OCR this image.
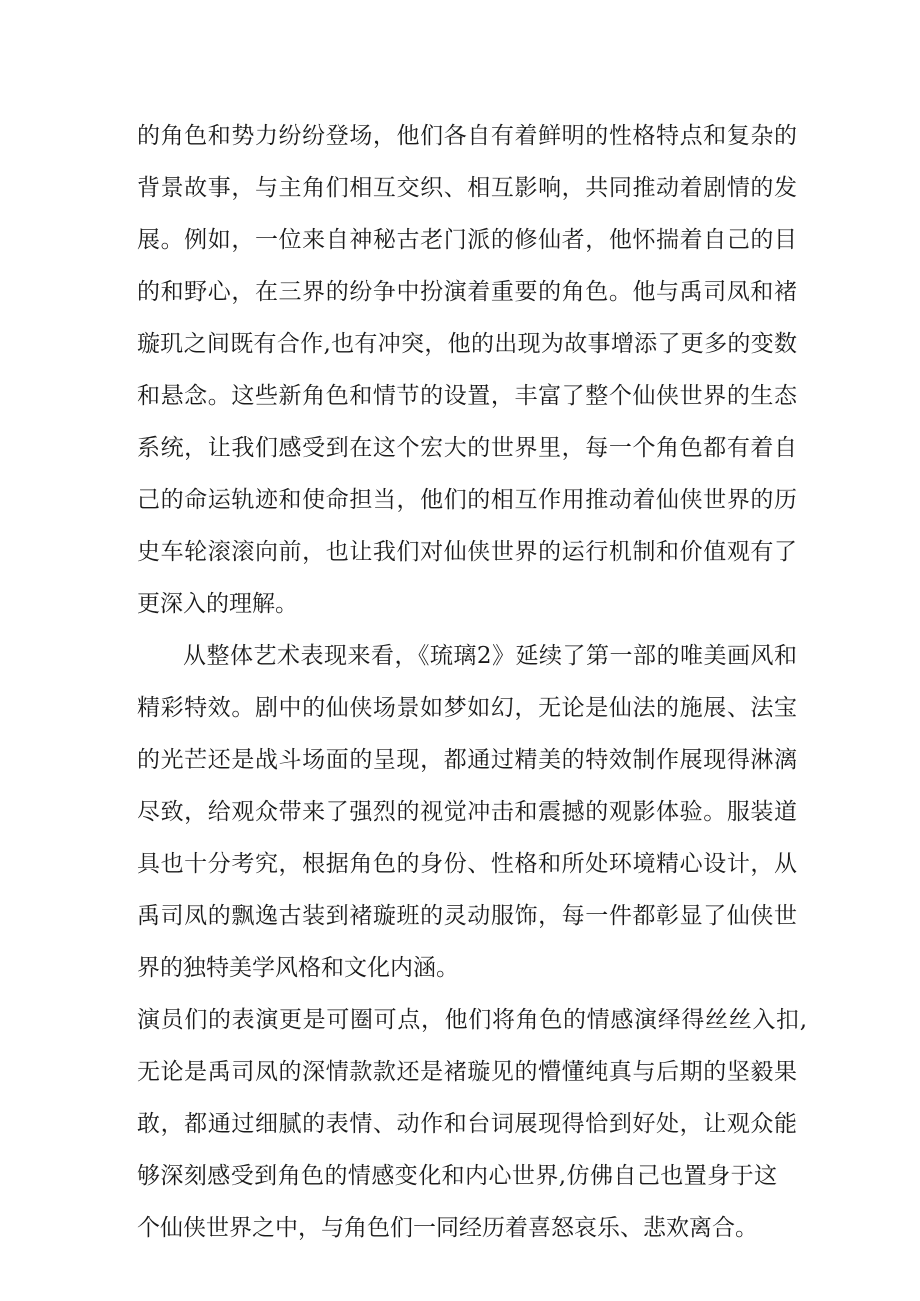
的角色和势力纷纷登场，他们各自有着鲜明的性格特点和复杂的
背景故事，与主角们相互交织、相互影响，共同推动着剧情的发
展。例如，一位来自神秘古老门派的修仙者，他怀揣着自己的目
的和野心，在三界的纷争中扮演着重要的角色。他与禹司凤和褚
璇玑之间既有合作,也有冲突，他的出现为故事增添了更多的变数
和悬念。这些新角色和情节的设置，丰富了整个仙侠世界的生态
系统，让我们感受到在这个宏大的世界里，每一个角色都有着自
己的命运轨迹和使命担当，他们的相互作用推动着仙侠世界的历
史车轮滚滚向前，也让我们对仙侠世界的运行机制和价值观有了
更深入的理解。
从整体艺术表现来看，《琉璃2》延续了第一部的唯美画风和
精彩特效。剧中的仙侠场景如梦如幻，无论是仙法的施展、法宝
的光芒还是战斗场面的呈现，都通过精美的特效制作展现得淋漓
尽致，给观众带来了强烈的视觉冲击和震撼的观影体验。服装道
具也十分考究，根据角色的身份、性格和所处环境精心设计，从
禹司凤的飘逸古装到褚璇班的灵动服饰，每一件都彰显了仙侠世
界的独特美学风格和文化内涵。
演员们的表演更是可圈可点，他们将角色的情感演绎得丝丝入扣,
无论是禹司凤的深情款款还是褚璇见的懵懂纯真与后期的坚毅果
敢，都通过细腻的表情、动作和台词展现得恰到好处，让观众能
够深刻感受到角色的情感变化和内心世界,仿佛自己也置身于这
个仙侠世界之中，与角色们一同经历着喜怒哀乐、悲欢离合。
